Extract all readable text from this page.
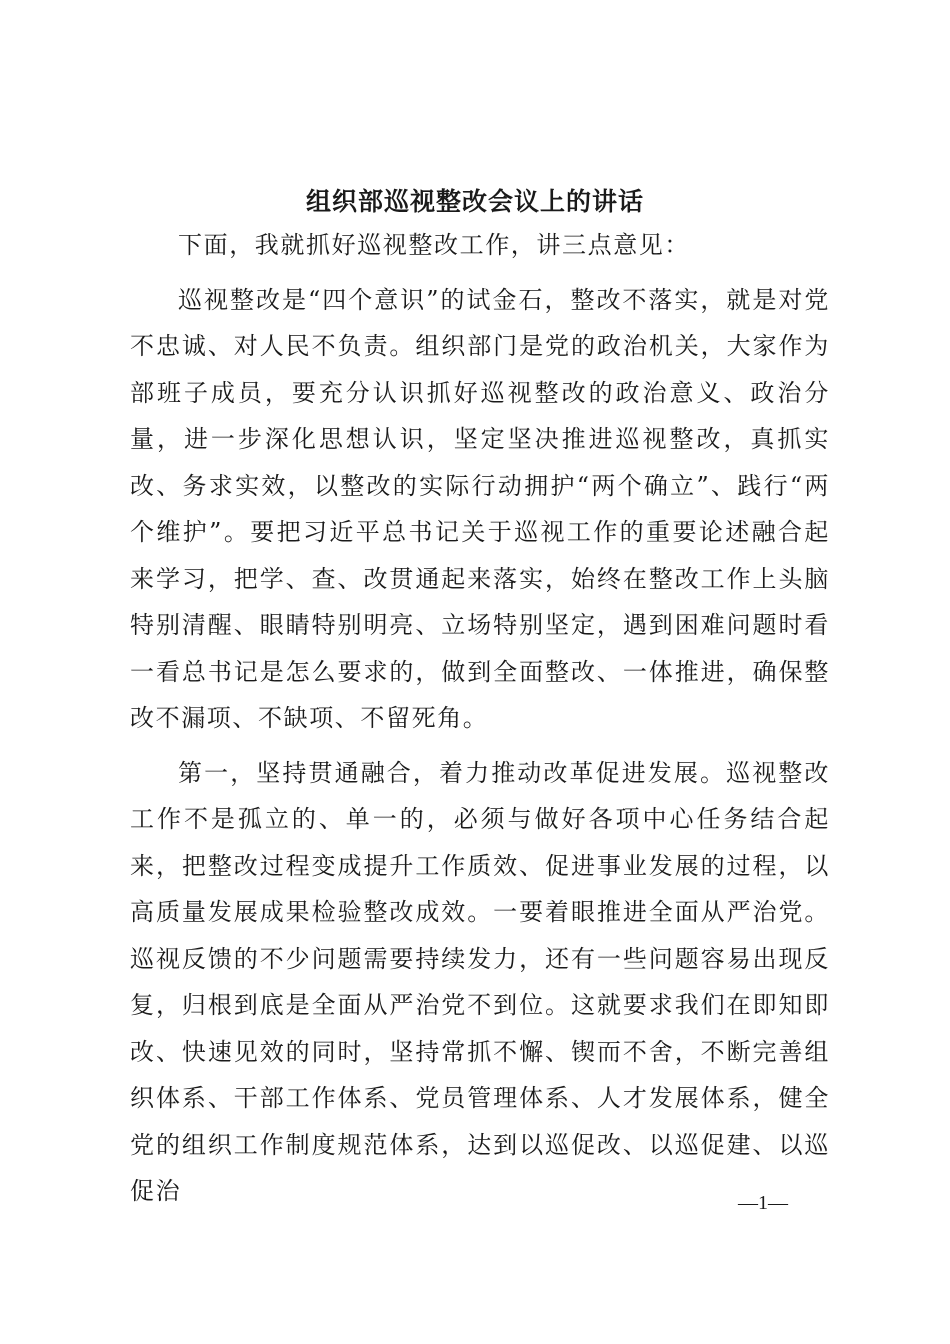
组织部巡视整改会议上的讲话

下面，我就抓好巡视整改工作，讲三点意见：

巡视整改是“四个意识”的试金石，整改不落实，就是对党不忠诚、对人民不负责。组织部门是党的政治机关，大家作为部班子成员，要充分认识抓好巡视整改的政治意义、政治分量，进一步深化思想认识，坚定坚决推进巡视整改，真抓实改、务求实效，以整改的实际行动拥护“两个确立”、践行“两个维护”。要把习近平总书记关于巡视工作的重要论述融合起来学习，把学、查、改贯通起来落实，始终在整改工作上头脑特别清醒、眼睛特别明亮、立场特别坚定，遇到困难问题时看一看总书记是怎么要求的，做到全面整改、一体推进，确保整改不漏项、不缺项、不留死角。

第一，坚持贯通融合，着力推动改革促进发展。巡视整改工作不是孤立的、单一的，必须与做好各项中心任务结合起来，把整改过程变成提升工作质效、促进事业发展的过程，以高质量发展成果检验整改成效。一要着眼推进全面从严治党。巡视反馈的不少问题需要持续发力，还有一些问题容易出现反复，归根到底是全面从严治党不到位。这就要求我们在即知即改、快速见效的同时，坚持常抓不懈、锲而不舍，不断完善组织体系、干部工作体系、党员管理体系、人才发展体系，健全党的组织工作制度规范体系，达到以巡促改、以巡促建、以巡促治	—1—
